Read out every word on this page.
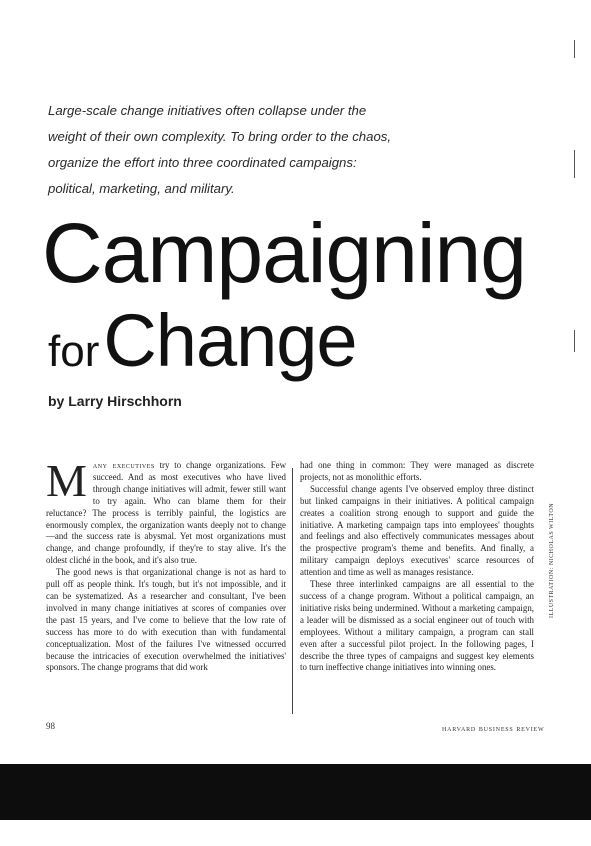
Large-scale change initiatives often collapse under the
weight of their own complexity. To bring order to the chaos,
organize the effort into three coordinated campaigns:
political, marketing, and military.
Campaigning
forChange
by Larry Hirschhorn

Many executives try to change organizations. Few succeed. And as most executives who have lived through change initiatives will admit, fewer still want to try again. Who can blame them for their reluctance? The process is terribly painful, the logistics are enormously complex, the organization wants deeply not to change—and the success rate is abysmal. Yet most organizations must change, and change profoundly, if they're to stay alive. It's the oldest cliché in the book, and it's also true.

The good news is that organizational change is not as hard to pull off as people think. It's tough, but it's not impossible, and it can be systematized. As a researcher and consultant, I've been involved in many change initiatives at scores of companies over the past 15 years, and I've come to believe that the low rate of success has more to do with execution than with fundamental conceptualization. Most of the failures I've witnessed occurred because the intricacies of execution overwhelmed the initiatives' sponsors. The change programs that did work

had one thing in common: They were managed as discrete projects, not as monolithic efforts.

Successful change agents I've observed employ three distinct but linked campaigns in their initiatives. A political campaign creates a coalition strong enough to support and guide the initiative. A marketing campaign taps into employees' thoughts and feelings and also effectively communicates messages about the prospective program's theme and benefits. And finally, a military campaign deploys executives' scarce resources of attention and time as well as manages resistance.

These three interlinked campaigns are all essential to the success of a change program. Without a political campaign, an initiative risks being undermined. Without a marketing campaign, a leader will be dismissed as a social engineer out of touch with employees. Without a military campaign, a program can stall even after a successful pilot project. In the following pages, I describe the three types of campaigns and suggest key elements to turn ineffective change initiatives into winning ones.

ILLUSTRATION: NICHOLAS WILTON
98	harvard business review
